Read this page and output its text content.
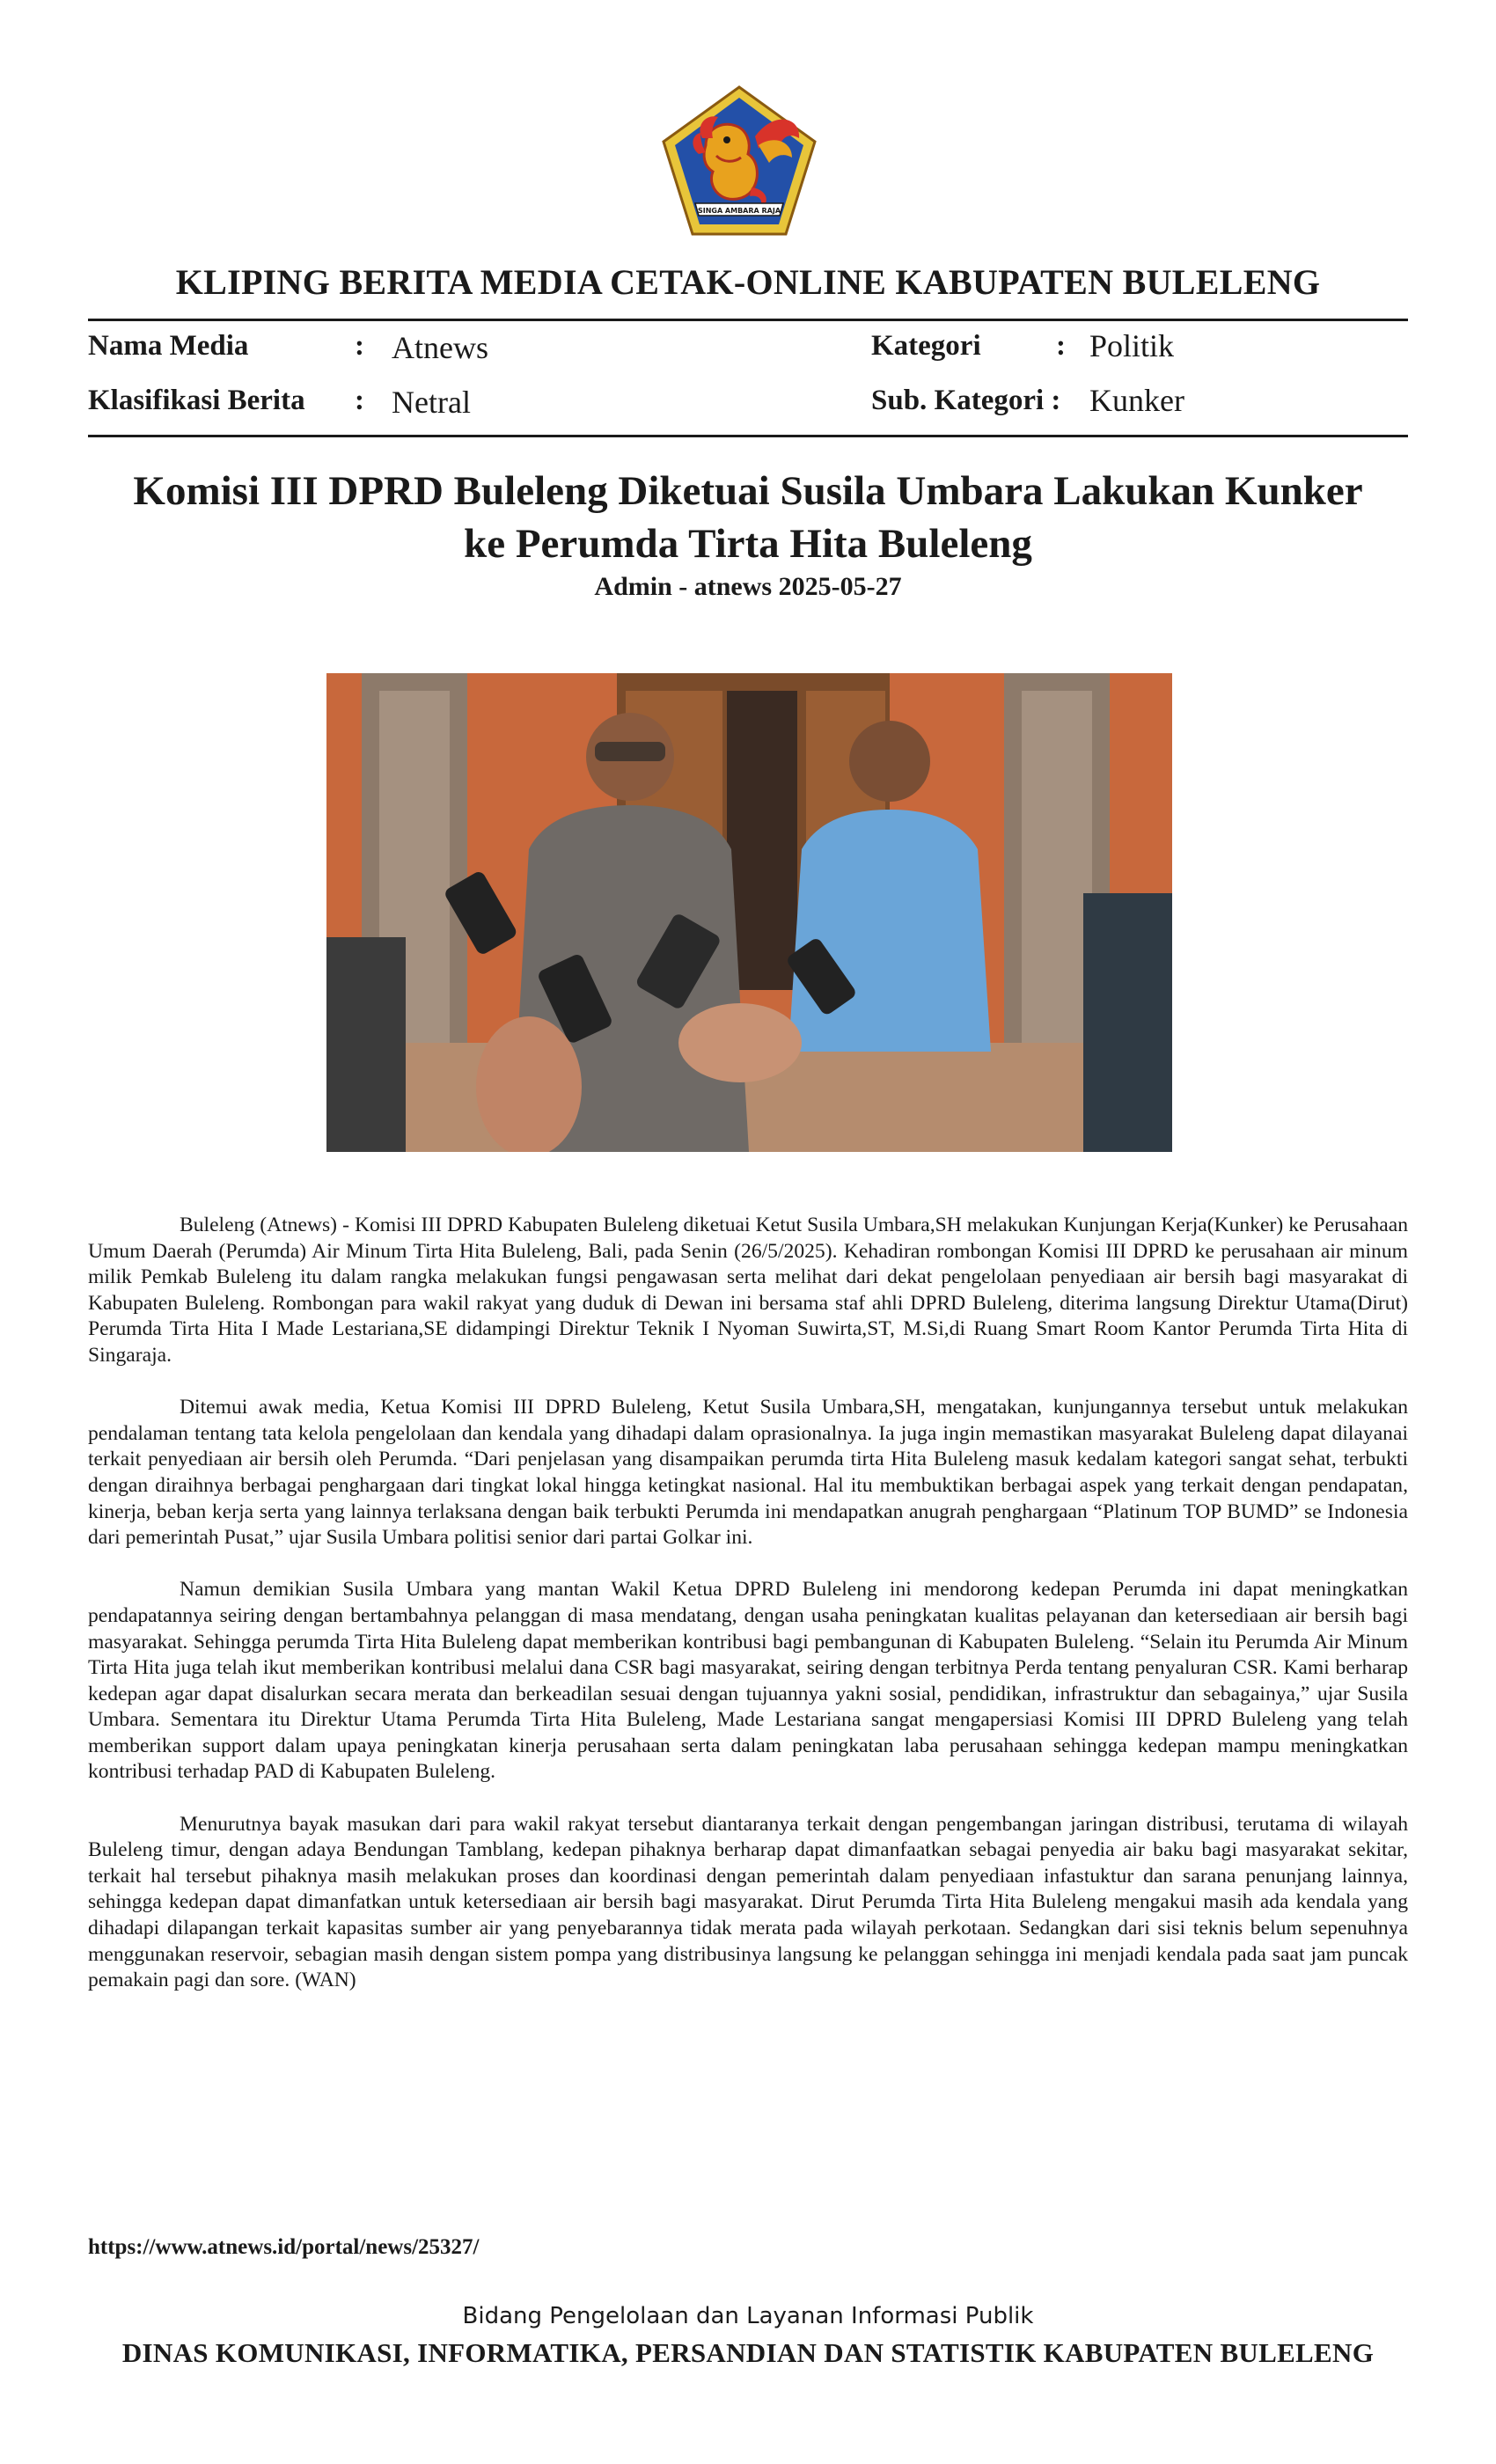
SINGA AMBARA RAJA
KLIPING BERITA MEDIA CETAK-ONLINE KABUPATEN BULELENG
Nama Media	: Atnews
Klasifikasi Berita : Netral
Kategori	: Politik
Sub. Kategori : Kunker
Komisi III DPRD Buleleng Diketuai Susila Umbara Lakukan Kunker
ke Perumda Tirta Hita Buleleng
Admin - atnews 2025-05-27

Buleleng (Atnews) - Komisi III DPRD Kabupaten Buleleng diketuai Ketut Susila Umbara,SH melakukan Kunjungan Kerja(Kunker) ke Perusahaan Umum Daerah (Perumda) Air Minum Tirta Hita Buleleng, Bali, pada Senin (26/5/2025). Kehadiran rombongan Komisi III DPRD ke perusahaan air minum milik Pemkab Buleleng itu dalam rangka melakukan fungsi pengawasan serta melihat dari dekat pengelolaan penyediaan air bersih bagi masyarakat di Kabupaten Buleleng. Rombongan para wakil rakyat yang duduk di Dewan ini bersama staf ahli DPRD Buleleng, diterima langsung Direktur Utama(Dirut) Perumda Tirta Hita I Made Lestariana,SE didampingi Direktur Teknik I Nyoman Suwirta,ST, M.Si,di Ruang Smart Room Kantor Perumda Tirta Hita di Singaraja.

Ditemui awak media, Ketua Komisi III DPRD Buleleng, Ketut Susila Umbara,SH, mengatakan, kunjungannya tersebut untuk melakukan pendalaman tentang tata kelola pengelolaan dan kendala yang dihadapi dalam oprasionalnya. Ia juga ingin memastikan masyarakat Buleleng dapat dilayanai terkait penyediaan air bersih oleh Perumda. “Dari penjelasan yang disampaikan perumda tirta Hita Buleleng masuk kedalam kategori sangat sehat, terbukti dengan diraihnya berbagai penghargaan dari tingkat lokal hingga ketingkat nasional. Hal itu membuktikan berbagai aspek yang terkait dengan pendapatan, kinerja, beban kerja serta yang lainnya terlaksana dengan baik terbukti Perumda ini mendapatkan anugrah penghargaan “Platinum TOP BUMD” se Indonesia dari pemerintah Pusat,” ujar Susila Umbara politisi senior dari partai Golkar ini.

Namun demikian Susila Umbara yang mantan Wakil Ketua DPRD Buleleng ini mendorong kedepan Perumda ini dapat meningkatkan pendapatannya seiring dengan bertambahnya pelanggan di masa mendatang, dengan usaha peningkatan kualitas pelayanan dan ketersediaan air bersih bagi masyarakat. Sehingga perumda Tirta Hita Buleleng dapat memberikan kontribusi bagi pembangunan di Kabupaten Buleleng. “Selain itu Perumda Air Minum Tirta Hita juga telah ikut memberikan kontribusi melalui dana CSR bagi masyarakat, seiring dengan terbitnya Perda tentang penyaluran CSR. Kami berharap kedepan agar dapat disalurkan secara merata dan berkeadilan sesuai dengan tujuannya yakni sosial, pendidikan, infrastruktur dan sebagainya,” ujar Susila Umbara. Sementara itu Direktur Utama Perumda Tirta Hita Buleleng, Made Lestariana sangat mengapersiasi Komisi III DPRD Buleleng yang telah memberikan support dalam upaya peningkatan kinerja perusahaan serta dalam peningkatan laba perusahaan sehingga kedepan mampu meningkatkan kontribusi terhadap PAD di Kabupaten Buleleng.

Menurutnya bayak masukan dari para wakil rakyat tersebut diantaranya terkait dengan pengembangan jaringan distribusi, terutama di wilayah Buleleng timur, dengan adaya Bendungan Tamblang, kedepan pihaknya berharap dapat dimanfaatkan sebagai penyedia air baku bagi masyarakat sekitar, terkait hal tersebut pihaknya masih melakukan proses dan koordinasi dengan pemerintah dalam penyediaan infastuktur dan sarana penunjang lainnya, sehingga kedepan dapat dimanfatkan untuk ketersediaan air bersih bagi masyarakat. Dirut Perumda Tirta Hita Buleleng mengakui masih ada kendala yang dihadapi dilapangan terkait kapasitas sumber air yang penyebarannya tidak merata pada wilayah perkotaan. Sedangkan dari sisi teknis belum sepenuhnya menggunakan reservoir, sebagian masih dengan sistem pompa yang distribusinya langsung ke pelanggan sehingga ini menjadi kendala pada saat jam puncak pemakain pagi dan sore. (WAN)

https://www.atnews.id/portal/news/25327/
Bidang Pengelolaan dan Layanan Informasi Publik
DINAS KOMUNIKASI, INFORMATIKA, PERSANDIAN DAN STATISTIK KABUPATEN BULELENG
